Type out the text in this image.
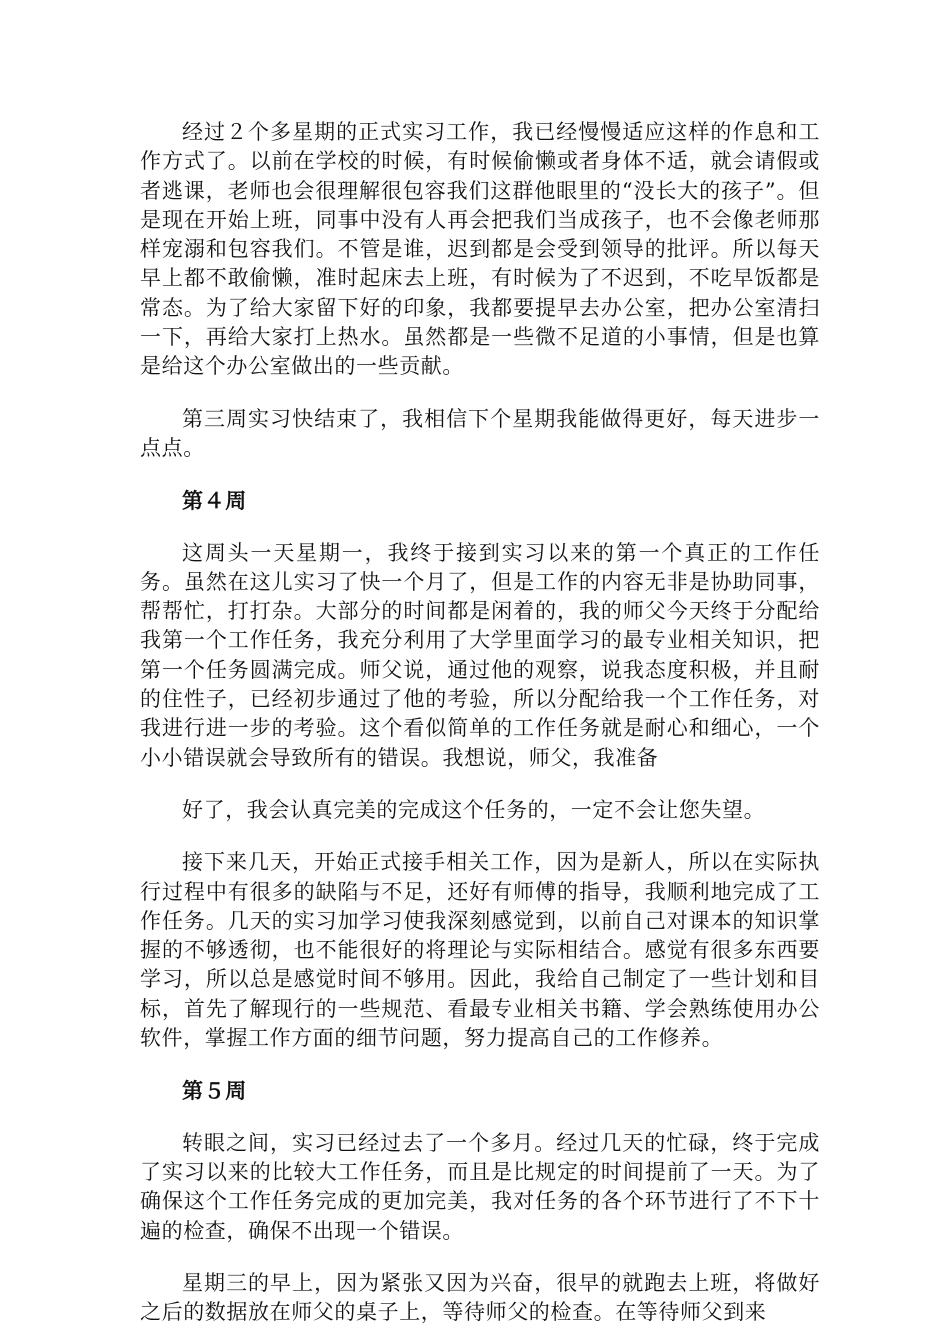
经过２个多星期的正式实习工作，我已经慢慢适应这样的作息和工作方式了。以前在学校的时候，有时候偷懒或者身体不适，就会请假或者逃课，老师也会很理解很包容我们这群他眼里的“没长大的孩子”。但是现在开始上班，同事中没有人再会把我们当成孩子，也不会像老师那样宠溺和包容我们。不管是谁，迟到都是会受到领导的批评。所以每天早上都不敢偷懒，准时起床去上班，有时候为了不迟到，不吃早饭都是常态。为了给大家留下好的印象，我都要提早去办公室，把办公室清扫一下，再给大家打上热水。虽然都是一些微不足道的小事情，但是也算是给这个办公室做出的一些贡献。

第三周实习快结束了，我相信下个星期我能做得更好，每天进步一点点。

第４周

这周头一天星期一，我终于接到实习以来的第一个真正的工作任务。虽然在这儿实习了快一个月了，但是工作的内容无非是协助同事，帮帮忙，打打杂。大部分的时间都是闲着的，我的师父今天终于分配给我第一个工作任务，我充分利用了大学里面学习的最专业相关知识，把第一个任务圆满完成。师父说，通过他的观察，说我态度积极，并且耐的住性子，已经初步通过了他的考验，所以分配给我一个工作任务，对我进行进一步的考验。这个看似简单的工作任务就是耐心和细心，一个小小错误就会导致所有的错误。我想说，师父，我准备

好了，我会认真完美的完成这个任务的，一定不会让您失望。

接下来几天，开始正式接手相关工作，因为是新人，所以在实际执行过程中有很多的缺陷与不足，还好有师傅的指导，我顺利地完成了工作任务。几天的实习加学习使我深刻感觉到，以前自己对课本的知识掌握的不够透彻，也不能很好的将理论与实际相结合。感觉有很多东西要学习，所以总是感觉时间不够用。因此，我给自己制定了一些计划和目标，首先了解现行的一些规范、看最专业相关书籍、学会熟练使用办公软件，掌握工作方面的细节问题，努力提高自己的工作修养。

第５周

转眼之间，实习已经过去了一个多月。经过几天的忙碌，终于完成了实习以来的比较大工作任务，而且是比规定的时间提前了一天。为了确保这个工作任务完成的更加完美，我对任务的各个环节进行了不下十遍的检查，确保不出现一个错误。

星期三的早上，因为紧张又因为兴奋，很早的就跑去上班，将做好之后的数据放在师父的桌子上，等待师父的检查。在等待师父到来
